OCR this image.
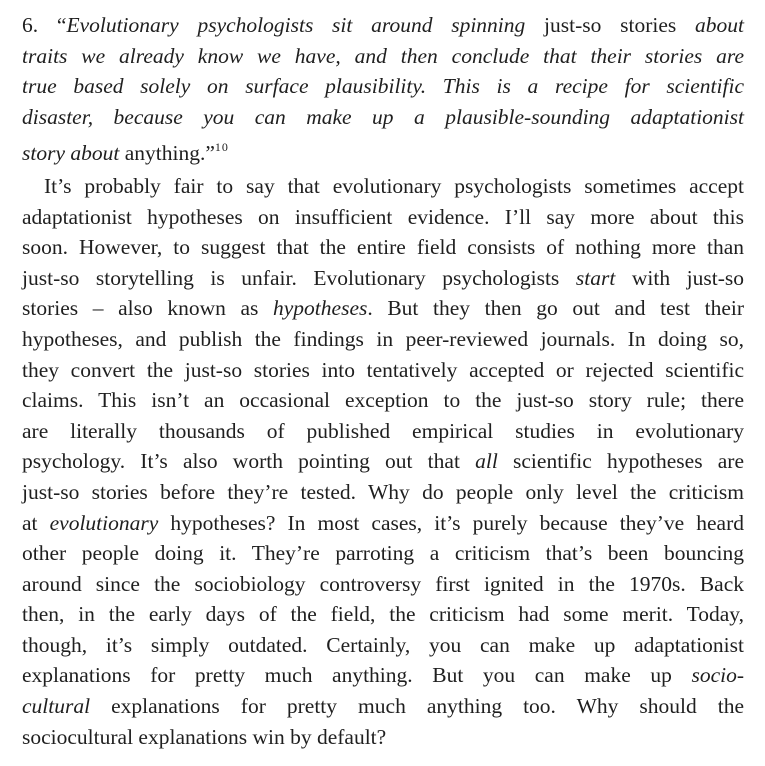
6. “Evolutionary psychologists sit around spinning just-so stories about
traits we already know we have, and then conclude that their stories are
true based solely on surface plausibility. This is a recipe for scientific
disaster, because you can make up a plausible-sounding adaptationist
story about anything.”$^{10}$
It’s probably fair to say that evolutionary psychologists sometimes accept
adaptationist hypotheses on insufficient evidence. I’ll say more about this
soon. However, to suggest that the entire field consists of nothing more than
just-so storytelling is unfair. Evolutionary psychologists start with just-so
stories – also known as hypotheses. But they then go out and test their
hypotheses, and publish the findings in peer-reviewed journals. In doing so,
they convert the just-so stories into tentatively accepted or rejected scientific
claims. This isn’t an occasional exception to the just-so story rule; there
are literally thousands of published empirical studies in evolutionary
psychology. It’s also worth pointing out that all scientific hypotheses are
just-so stories before they’re tested. Why do people only level the criticism
at evolutionary hypotheses? In most cases, it’s purely because they’ve heard
other people doing it. They’re parroting a criticism that’s been bouncing
around since the sociobiology controversy first ignited in the 1970s. Back
then, in the early days of the field, the criticism had some merit. Today,
though, it’s simply outdated. Certainly, you can make up adaptationist
explanations for pretty much anything. But you can make up socio-
cultural explanations for pretty much anything too. Why should the
sociocultural explanations win by default?
